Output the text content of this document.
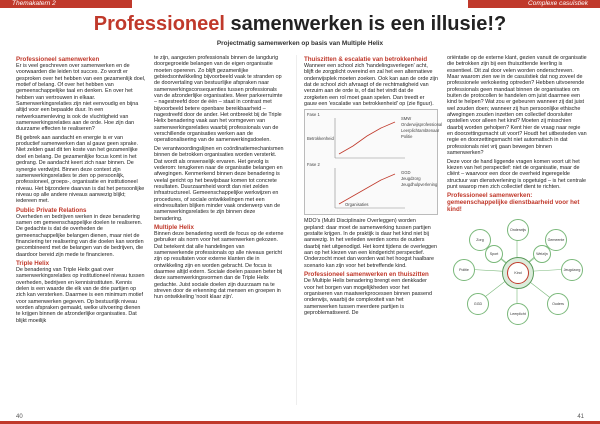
Themakatern 2	Complexe casuïstiek
Professioneel samenwerken is een illusie!?
Projectmatig samenwerken op basis van Multiple Helix
Professioneel samenwerken

Er is veel geschreven over samenwerken en de voorwaarden die leiden tot succes. Zo wordt er gesproken over het hebben van een gezamenlijk doel, motief of belang. Of over het hebben van gemeenschappelijke taal en denken. En over het hebben van vertrouwen in elkaar. Samenwerkingsrelaties zijn niet eenvoudig en bijna altijd voor een bepaalde duur. In een netwerksamenleving is ook de vluchtigheid van samenwerkingsrelaties aan de orde. Hoe zijn dan duurzame effecten te realiseren?

Bij gebrek aan aandacht en energie is er van productief samenwerken dan al gauw geen sprake. Niet zelden gaat dit ten koste van het gezamenlijke doel en belang. De gezamenlijke focus komt in het gedrang. De aandacht keert zich naar binnen. De synergie verdwijnt. Binnen deze context zijn samenwerkingsrelaties te zien op persoonlijk, professioneel, groeps-, organisatie en institutioneel niveau. Het bijzondere daarvan is dat het persoonlijke niveau op alle andere niveaus aanwezig blijkt; iedereen met.

Public Private Relations

Overheden en bedrijven werken in deze benadering samen om gemeenschappelijke doelen te realiseren. De gedachte is dat de overheden de gemeenschappelijke belangen dienen, maar niet de financiering ter realisering van die doelen kan worden gecombineerd met de belangen van de bedrijven, die daardoor bereid zijn mede te financieren.

Triple Helix

De benadering van Triple Helix gaat over samenwerkingsrelaties op institutioneel niveau tussen overheden, bedrijven en kennisinstituten. Kennis delen is een waarde die elk van de drie partijen op zich kan versterken. Daarmee is een minimum motief voor samenwerken gegeven. Op bestuurlijk niveau worden afspraken gemaakt, welke uitvoering dienen te krijgen binnen de afzonderlijke organisaties. Dat blijkt moeilijk

te zijn, aangezien professionals binnen de langdurig doorgegroeide belangen van de eigen organisatie moeten opereren. Zo blijft gezamenlijke gebiedsontwikkeling bijvoorbeeld vaak te stranden op de doorvertaling van bestuurlijke afspraken naar samenwerkingsconsequenties tussen professionals van de afzonderlijke organisaties. Meer parkeerruimte – nagestreefd door de één – staat in contrast met bijvoorbeeld betere openbare bereikbaarheid – nagestreefd door de ander. Het ontbreekt bij de Triple Helix benadering vaak aan het vormgeven van samenwerkingsrelaties waarbij professionals van de verschillende organisaties werken aan de operationalisering van de samenwerkingsdoelen.

De verantwoordingslijnen en coördinatiemechanismen binnen de betrokken organisaties worden versterkt. Dat wordt als onwenselijk ervaren. Het gevolg is vederom: terugkeren naar de organisatie belangen en afwegingen. Kenmerkend binnen deze benadering is veelal gericht op het bewijsbaar komen tot concrete resultaten. Duurzaamheid wordt dan niet zelden infrastructureel. Gemeenschappelijke werkwijzen en procedures, of sociale ontwikkelingen met een eindresultaten blijken minder vaak onderwerp van de samenwerkingsrelaties te zijn binnen deze benadering.

Multiple Helix

Binnen deze benadering wordt de focus op de externe gebruiker als norm voor het samenwerken gekozen. Dat betekent dat alle handelingen van samenwerkende professionals op alle niveaus gericht zijn op resultaten voor externe klanten die in ontwikkeling zijn en worden gebracht. De focus is daarmee altijd extern. Sociale doelen passen beter bij deze samenwerkingsvormen dan de Triple Helix gedachte. Juist sociale doelen zijn duurzaam na te streven door de erkenning dat mensen en groepen in hun ontwikkeling 'nooit klaar zijn'.

Thuiszitten & escalatie van betrokkenheid

Wanneer een school zich 'handelingsverlegen' acht, blijft de zorgplicht overeind en zal het een alternatieve onderwijsplek moeten zoeken. Ook kan aan de orde zijn dat de school zich afvraagt of de rechtmatigheid van verzuim aan de orde is, of dat het vindt dat de zorgketen een rol moet gaan spelen. Dan treedt er gauw een 'escalatie van betrokkenheid' op (zie figuur).

Fase 1
Fase 2
Betrokkenheid
Organisaties
SMW
Onderwijsprofessional
Leerplichtambtenaar
Politie
GGD
Jeugdzorg
Jeugdhulpverlening

MDO's (Multi Disciplinaire Overleggen) worden gepland: daar moet de samenwerking tussen partijen gestalte krijgen. In de praktijk is daar het kind niet bij aanwezig. In het verleden werden soms de ouders daarbij niet uitgenodigd. Het komt tijdens de overleggen aan op het kiezen van een kindgericht perspectief. Onderzocht moet dan worden wat het hoogst haalbare scenario kan zijn voor het betreffende kind.

Professioneel samenwerken en thuiszitten

De Multiple Helix benadering brengt een denkkader voor het borgen van mogelijkheden voor het organiseren van maatwerkprocessen binnen passend onderwijs, waarbij de complexiteit van het samenwerken tussen meerdere partijen is geproblematiseerd. De

oriëntatie op de externe klant, gezien vanuit de organisatie die betrokken zijn bij een thuiszittende leerling is essentieel. Dit zal door velen worden onderschreven. Maar waarom zien we in de casuïstiek dat nog zoveel de professionele verkokering optreden? Hebben uitvoerende professionals geen mandaat binnen de organisaties om buiten de protocollen te handelen om juist daarmee een kind te helpen? Wat zou er gebeuren wanneer zij dat juist wel zouden doen; wanneer zij hun persoonlijke ethische afwegingen zouden inzetten om collectief doorsluiter opstellen voor alleen het kind? Moeten zij misschien daarbij worden geholpen? Kent hier de vraag naar regie en doorzettingsmacht uit voort? Houdt het uitbesteden van regie en doorzettingsmacht niet automatisch in dat professionals niet vrij gaan bewegen binnen samenwerken?

Deze voor de hand liggende vragen komen voort uit het kiezen van het perspectief: niet de organisatie, maar de cliënt – waarvoor een door de overheid ingeregelde structuur van dienstverlening is opgetuigd – is het centrale punt waarop men zich collectief dient te richten.

Professioneel samenwerken: gemeenschappelijke dienstbaarheid voor het kind!
Onderwijs
Gemeente
Jeugdzorg
Ouders
Leerplicht
GGD
Politie
Zorg
Kind
Welzijn
Sport
40	41
